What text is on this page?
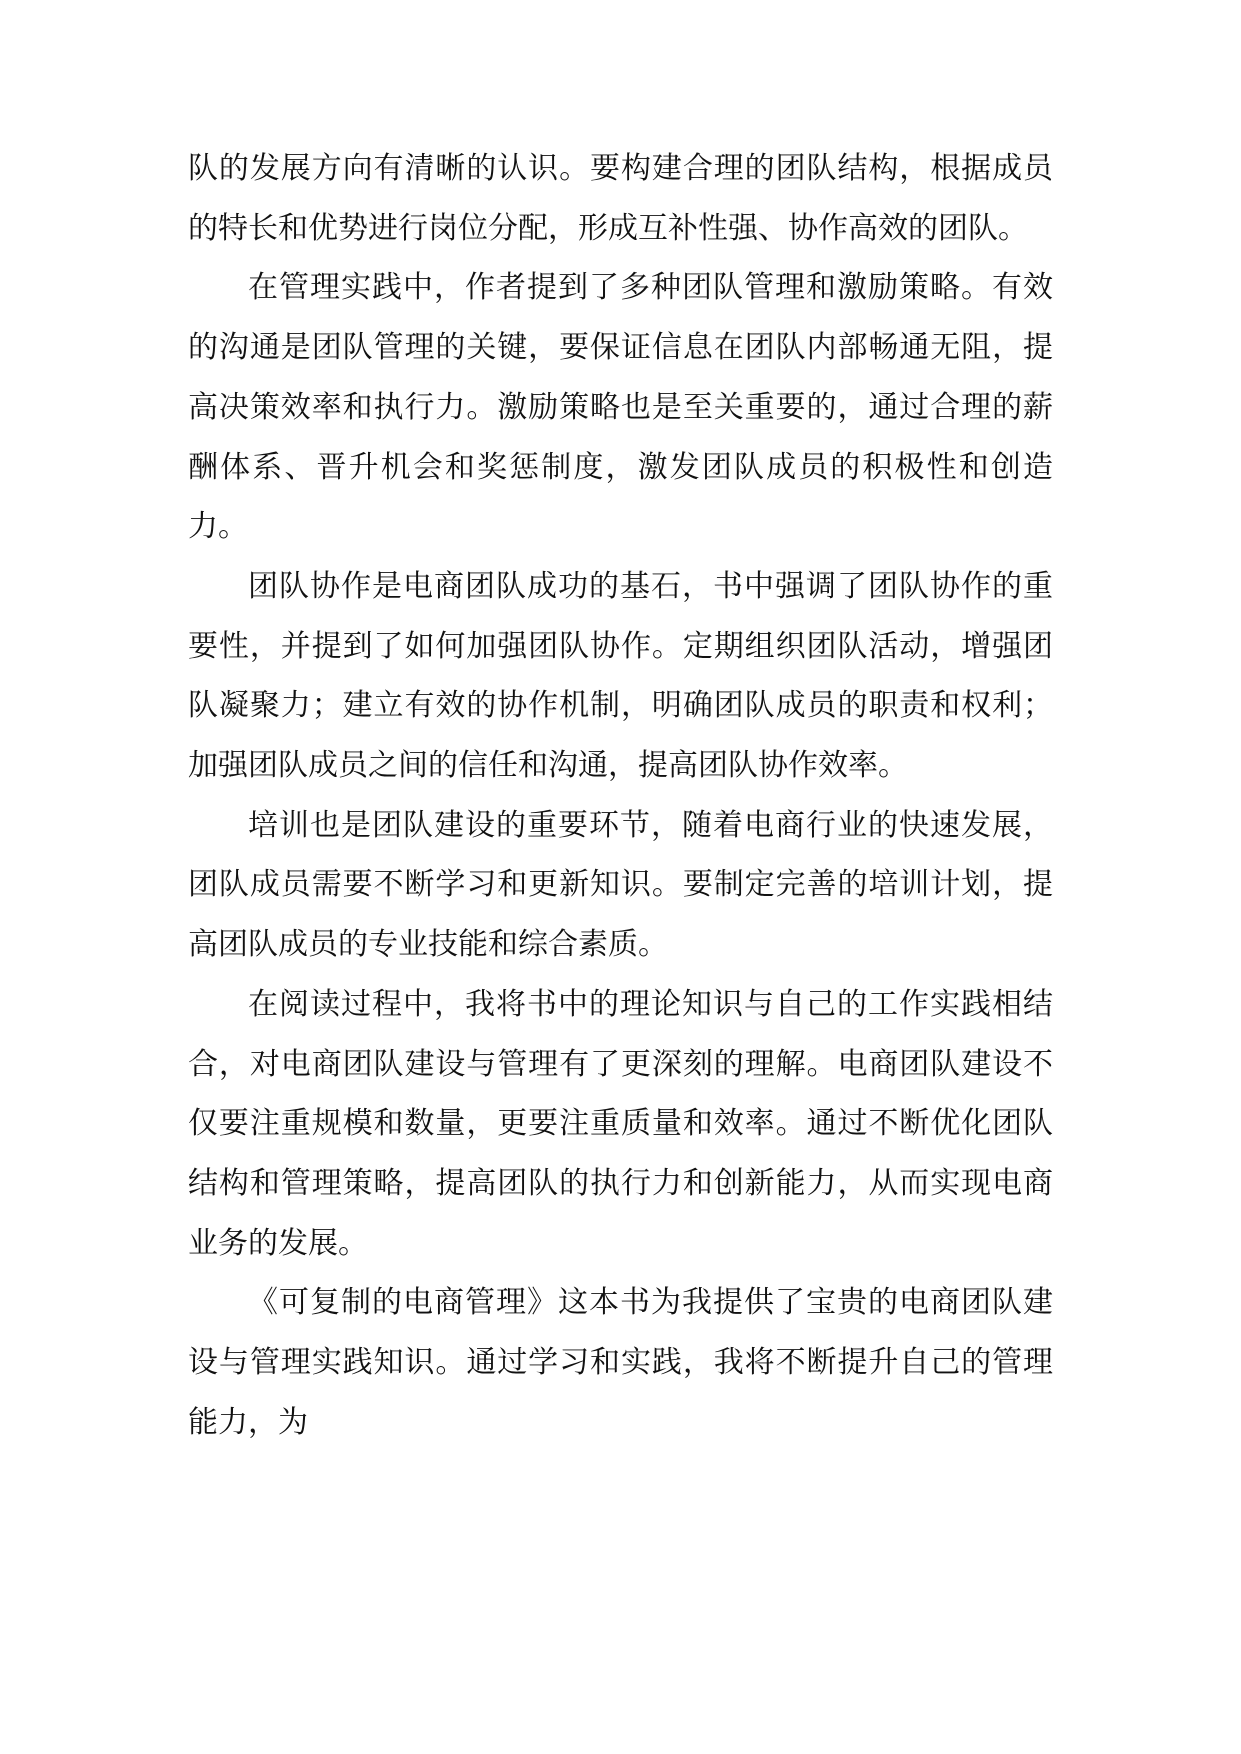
队的发展方向有清晰的认识。要构建合理的团队结构，根据成员的特长和优势进行岗位分配，形成互补性强、协作高效的团队。

在管理实践中，作者提到了多种团队管理和激励策略。有效的沟通是团队管理的关键，要保证信息在团队内部畅通无阻，提高决策效率和执行力。激励策略也是至关重要的，通过合理的薪酬体系、晋升机会和奖惩制度，激发团队成员的积极性和创造力。

团队协作是电商团队成功的基石，书中强调了团队协作的重要性，并提到了如何加强团队协作。定期组织团队活动，增强团队凝聚力；建立有效的协作机制，明确团队成员的职责和权利；加强团队成员之间的信任和沟通，提高团队协作效率。

培训也是团队建设的重要环节，随着电商行业的快速发展，团队成员需要不断学习和更新知识。要制定完善的培训计划，提高团队成员的专业技能和综合素质。

在阅读过程中，我将书中的理论知识与自己的工作实践相结合，对电商团队建设与管理有了更深刻的理解。电商团队建设不仅要注重规模和数量，更要注重质量和效率。通过不断优化团队结构和管理策略，提高团队的执行力和创新能力，从而实现电商业务的发展。

《可复制的电商管理》这本书为我提供了宝贵的电商团队建设与管理实践知识。通过学习和实践，我将不断提升自己的管理能力，为
